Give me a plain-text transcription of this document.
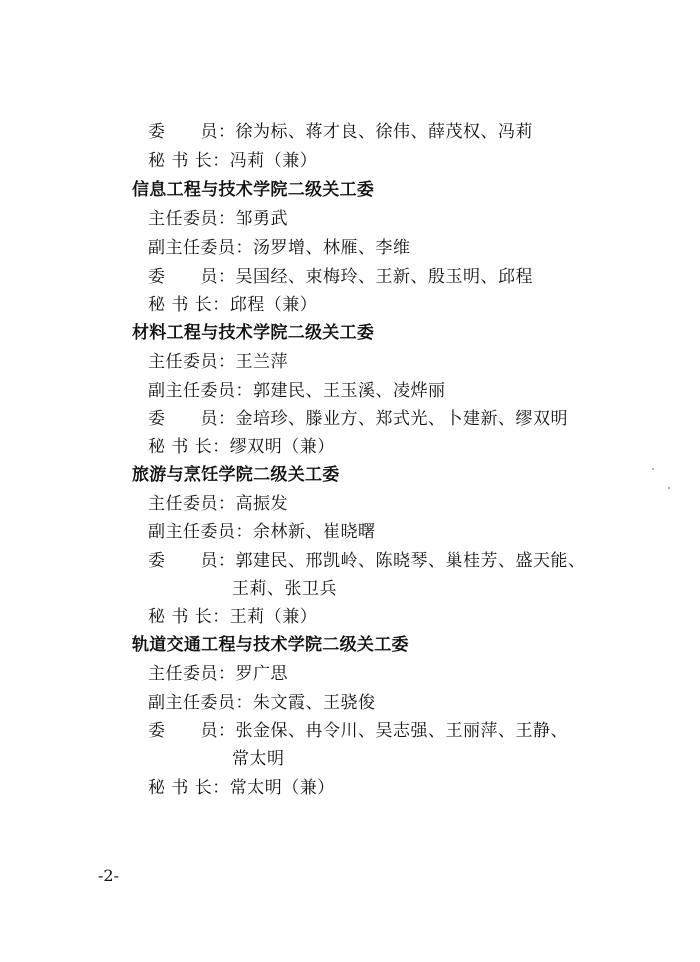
委　　员：徐为标、蒋才良、徐伟、薛茂权、冯莉
秘 书 长：冯莉（兼）
信息工程与技术学院二级关工委
主任委员：邹勇武
副主任委员：汤罗增、林雁、李维
委　　员：吴国经、束梅玲、王新、殷玉明、邱程
秘 书 长：邱程（兼）
材料工程与技术学院二级关工委
主任委员：王兰萍
副主任委员：郭建民、王玉溪、凌烨丽
委　　员：金培珍、滕业方、郑式光、卜建新、缪双明
秘 书 长：缪双明（兼）
旅游与烹饪学院二级关工委
主任委员：高振发
副主任委员：余林新、崔晓曙
委　　员：郭建民、邢凯岭、陈晓琴、巢桂芳、盛天能、
王莉、张卫兵
秘 书 长：王莉（兼）
轨道交通工程与技术学院二级关工委
主任委员：罗广思
副主任委员：朱文霞、王骁俊
委　　员：张金保、冉令川、吴志强、王丽萍、王静、
常太明
秘 书 长：常太明（兼）
-2-
